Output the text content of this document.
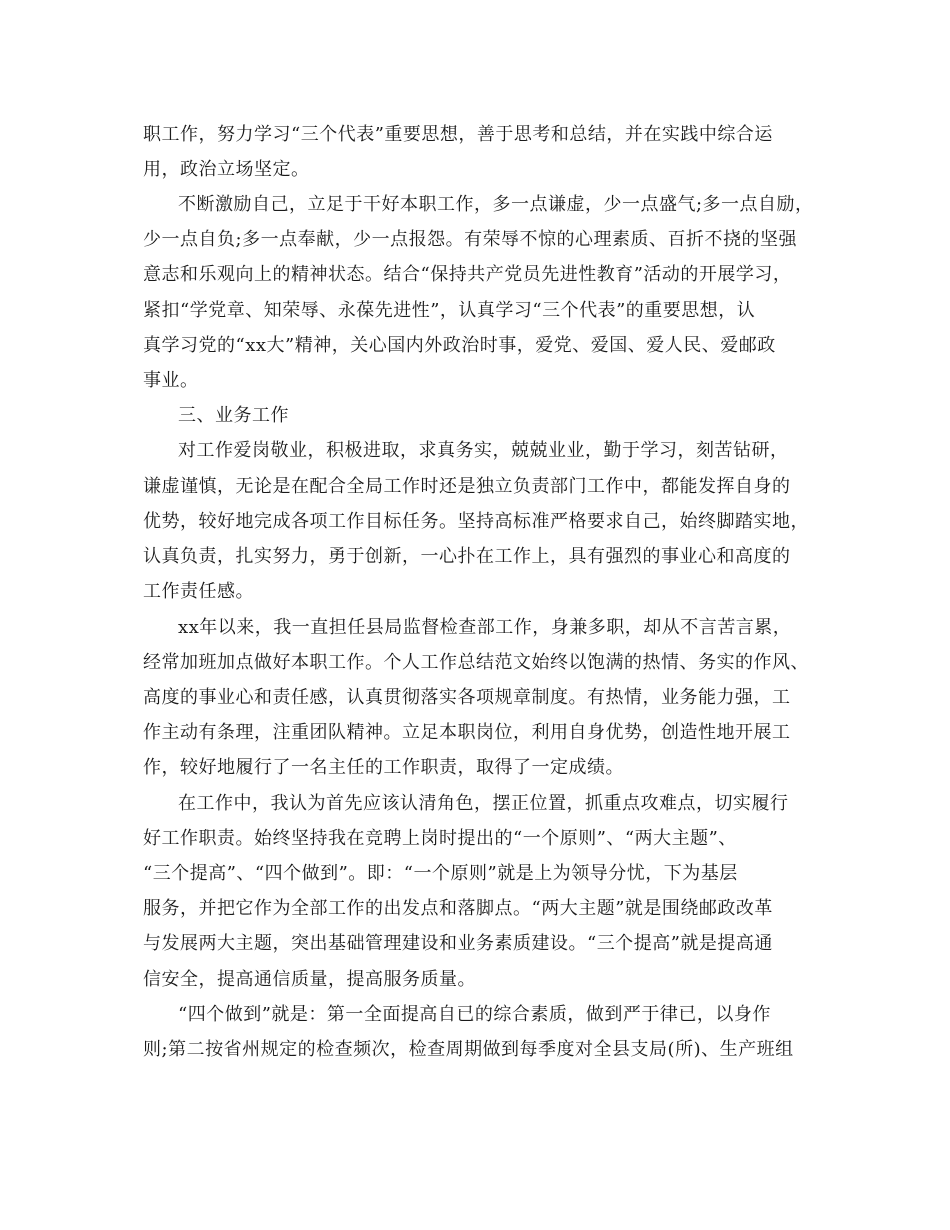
职工作，努力学习“三个代表”重要思想，善于思考和总结，并在实践中综合运
用，政治立场坚定。
不断激励自己，立足于干好本职工作，多一点谦虚，少一点盛气;多一点自励，
少一点自负;多一点奉献，少一点报怨。有荣辱不惊的心理素质、百折不挠的坚强
意志和乐观向上的精神状态。结合“保持共产党员先进性教育”活动的开展学习，
紧扣“学党章、知荣辱、永葆先进性”，认真学习“三个代表”的重要思想，认
真学习党的“xx大”精神，关心国内外政治时事，爱党、爱国、爱人民、爱邮政
事业。
三、业务工作
对工作爱岗敬业，积极进取，求真务实，兢兢业业，勤于学习，刻苦钻研，
谦虚谨慎，无论是在配合全局工作时还是独立负责部门工作中，都能发挥自身的
优势，较好地完成各项工作目标任务。坚持高标准严格要求自己，始终脚踏实地，
认真负责，扎实努力，勇于创新，一心扑在工作上，具有强烈的事业心和高度的
工作责任感。
xx年以来，我一直担任县局监督检查部工作，身兼多职，却从不言苦言累，
经常加班加点做好本职工作。个人工作总结范文始终以饱满的热情、务实的作风、
高度的事业心和责任感，认真贯彻落实各项规章制度。有热情，业务能力强，工
作主动有条理，注重团队精神。立足本职岗位，利用自身优势，创造性地开展工
作，较好地履行了一名主任的工作职责，取得了一定成绩。
在工作中，我认为首先应该认清角色，摆正位置，抓重点攻难点，切实履行
好工作职责。始终坚持我在竞聘上岗时提出的“一个原则”、“两大主题”、
“三个提高”、“四个做到”。即：“一个原则”就是上为领导分忧，下为基层
服务，并把它作为全部工作的出发点和落脚点。“两大主题”就是围绕邮政改革
与发展两大主题，突出基础管理建设和业务素质建设。“三个提高”就是提高通
信安全，提高通信质量，提高服务质量。
“四个做到”就是：第一全面提高自已的综合素质，做到严于律已，以身作
则;第二按省州规定的检查频次，检查周期做到每季度对全县支局(所)、生产班组
